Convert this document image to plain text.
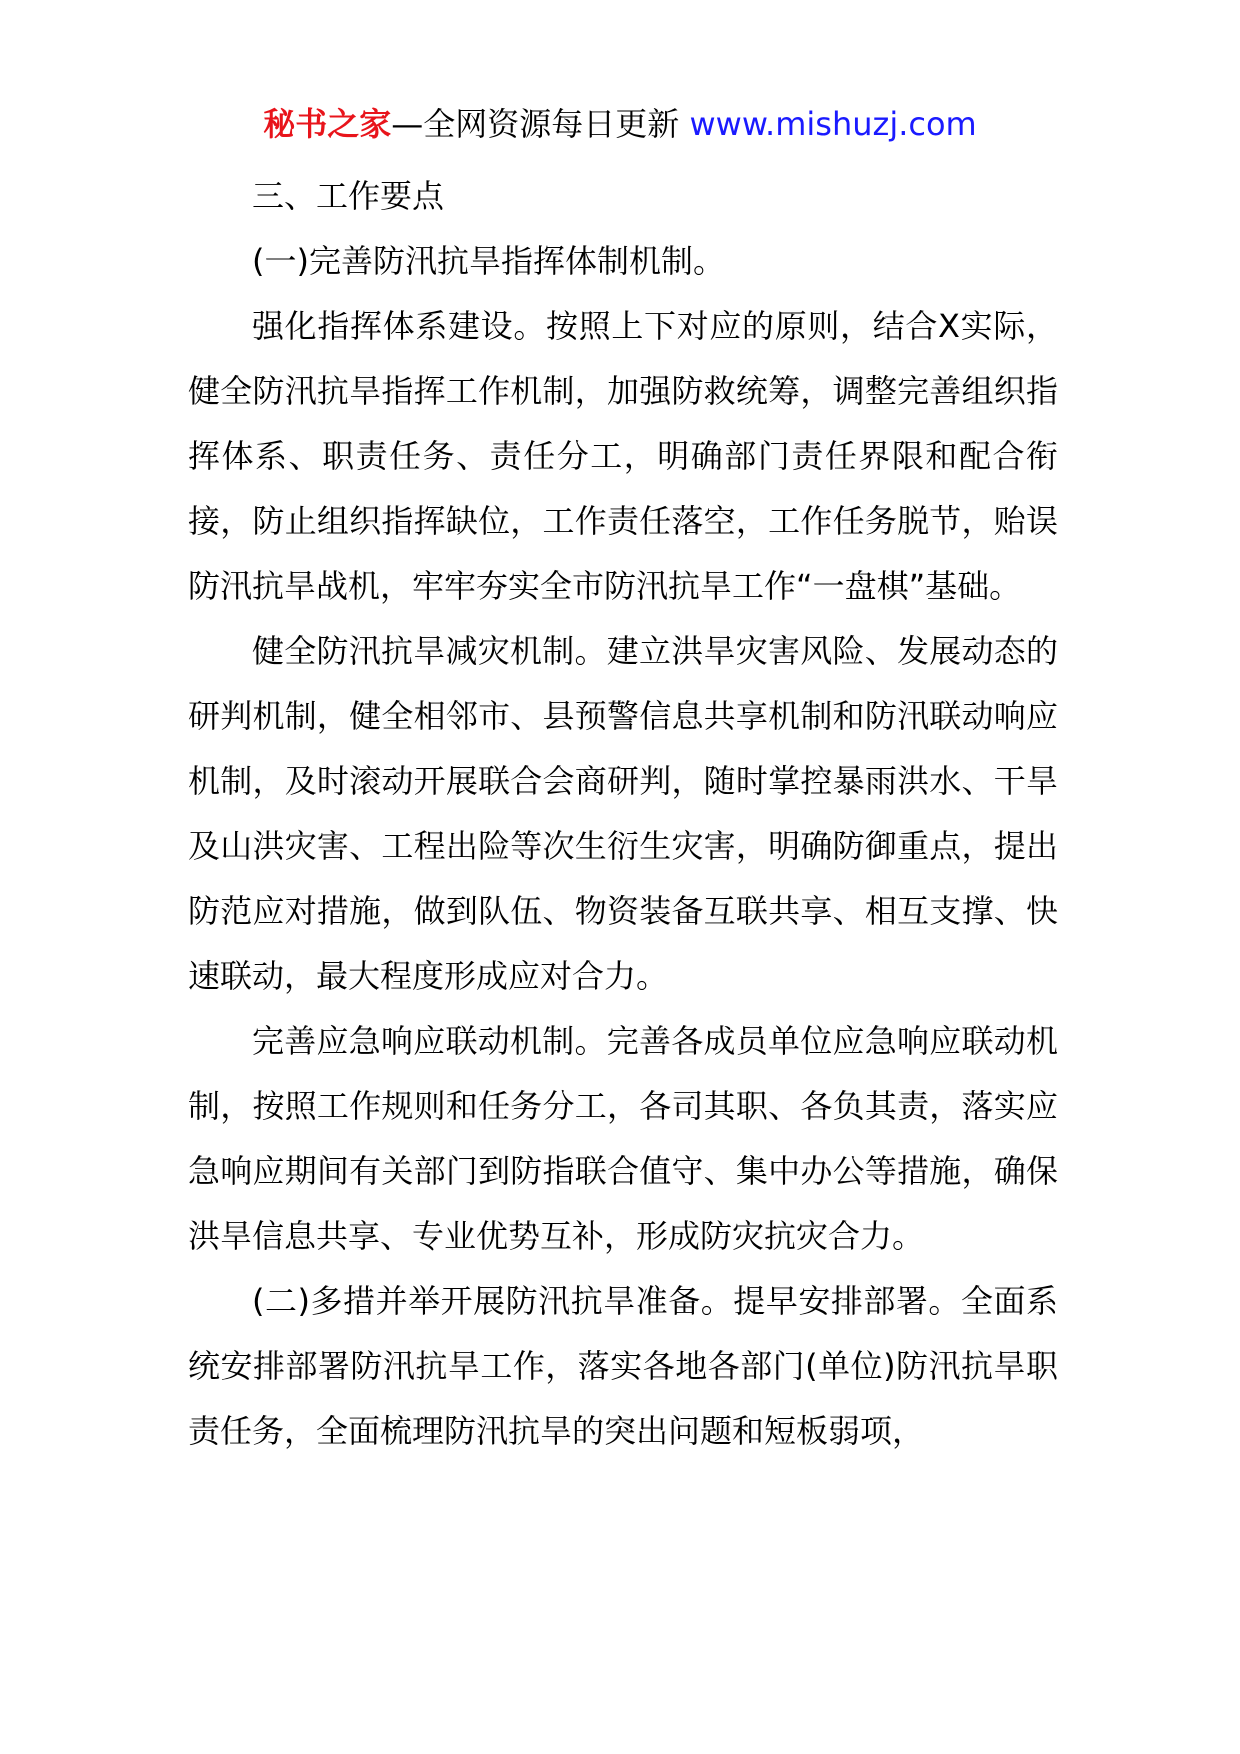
秘书之家—全网资源每日更新 www.mishuzj.com

三、工作要点

(一)完善防汛抗旱指挥体制机制。

强化指挥体系建设。按照上下对应的原则，结合X实际，健全防汛抗旱指挥工作机制，加强防救统筹，调整完善组织指挥体系、职责任务、责任分工，明确部门责任界限和配合衔接，防止组织指挥缺位，工作责任落空，工作任务脱节，贻误防汛抗旱战机，牢牢夯实全市防汛抗旱工作“一盘棋”基础。

健全防汛抗旱减灾机制。建立洪旱灾害风险、发展动态的研判机制，健全相邻市、县预警信息共享机制和防汛联动响应机制，及时滚动开展联合会商研判，随时掌控暴雨洪水、干旱及山洪灾害、工程出险等次生衍生灾害，明确防御重点，提出防范应对措施，做到队伍、物资装备互联共享、相互支撑、快速联动，最大程度形成应对合力。

完善应急响应联动机制。完善各成员单位应急响应联动机制，按照工作规则和任务分工，各司其职、各负其责，落实应急响应期间有关部门到防指联合值守、集中办公等措施，确保洪旱信息共享、专业优势互补，形成防灾抗灾合力。

(二)多措并举开展防汛抗旱准备。提早安排部署。全面系统安排部署防汛抗旱工作，落实各地各部门(单位)防汛抗旱职责任务，全面梳理防汛抗旱的突出问题和短板弱项，
